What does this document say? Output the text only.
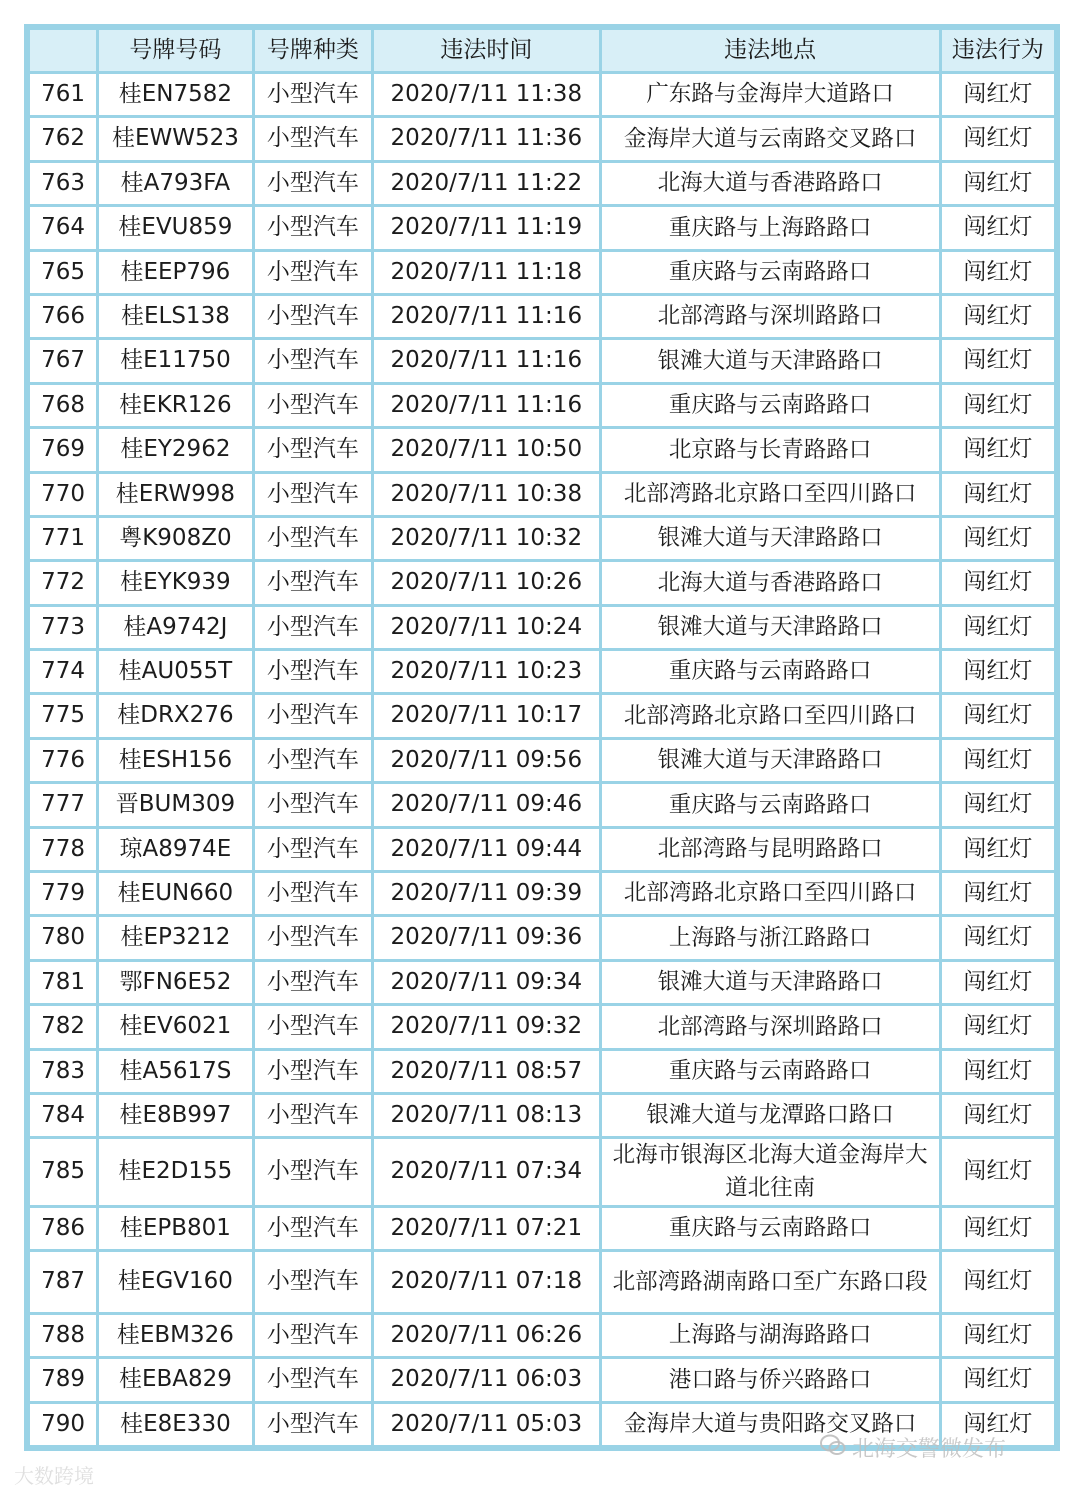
	号牌号码	号牌种类	违法时间	违法地点	违法行为
761	桂EN7582	小型汽车	2020/7/11 11:38	广东路与金海岸大道路口	闯红灯
762	桂EWW523	小型汽车	2020/7/11 11:36	金海岸大道与云南路交叉路口	闯红灯
763	桂A793FA	小型汽车	2020/7/11 11:22	北海大道与香港路路口	闯红灯
764	桂EVU859	小型汽车	2020/7/11 11:19	重庆路与上海路路口	闯红灯
765	桂EEP796	小型汽车	2020/7/11 11:18	重庆路与云南路路口	闯红灯
766	桂ELS138	小型汽车	2020/7/11 11:16	北部湾路与深圳路路口	闯红灯
767	桂E11750	小型汽车	2020/7/11 11:16	银滩大道与天津路路口	闯红灯
768	桂EKR126	小型汽车	2020/7/11 11:16	重庆路与云南路路口	闯红灯
769	桂EY2962	小型汽车	2020/7/11 10:50	北京路与长青路路口	闯红灯
770	桂ERW998	小型汽车	2020/7/11 10:38	北部湾路北京路口至四川路口	闯红灯
771	粤K908Z0	小型汽车	2020/7/11 10:32	银滩大道与天津路路口	闯红灯
772	桂EYK939	小型汽车	2020/7/11 10:26	北海大道与香港路路口	闯红灯
773	桂A9742J	小型汽车	2020/7/11 10:24	银滩大道与天津路路口	闯红灯
774	桂AU055T	小型汽车	2020/7/11 10:23	重庆路与云南路路口	闯红灯
775	桂DRX276	小型汽车	2020/7/11 10:17	北部湾路北京路口至四川路口	闯红灯
776	桂ESH156	小型汽车	2020/7/11 09:56	银滩大道与天津路路口	闯红灯
777	晋BUM309	小型汽车	2020/7/11 09:46	重庆路与云南路路口	闯红灯
778	琼A8974E	小型汽车	2020/7/11 09:44	北部湾路与昆明路路口	闯红灯
779	桂EUN660	小型汽车	2020/7/11 09:39	北部湾路北京路口至四川路口	闯红灯
780	桂EP3212	小型汽车	2020/7/11 09:36	上海路与浙江路路口	闯红灯
781	鄂FN6E52	小型汽车	2020/7/11 09:34	银滩大道与天津路路口	闯红灯
782	桂EV6021	小型汽车	2020/7/11 09:32	北部湾路与深圳路路口	闯红灯
783	桂A5617S	小型汽车	2020/7/11 08:57	重庆路与云南路路口	闯红灯
784	桂E8B997	小型汽车	2020/7/11 08:13	银滩大道与龙潭路口路口	闯红灯
785	桂E2D155	小型汽车	2020/7/11 07:34	北海市银海区北海大道金海岸大道北往南	闯红灯
786	桂EPB801	小型汽车	2020/7/11 07:21	重庆路与云南路路口	闯红灯
787	桂EGV160	小型汽车	2020/7/11 07:18	北部湾路湖南路口至广东路口段	闯红灯
788	桂EBM326	小型汽车	2020/7/11 06:26	上海路与湖海路路口	闯红灯
789	桂EBA829	小型汽车	2020/7/11 06:03	港口路与侨兴路路口	闯红灯
790	桂E8E330	小型汽车	2020/7/11 05:03	金海岸大道与贵阳路交叉路口	闯红灯
大数跨境
北海交警微发布
